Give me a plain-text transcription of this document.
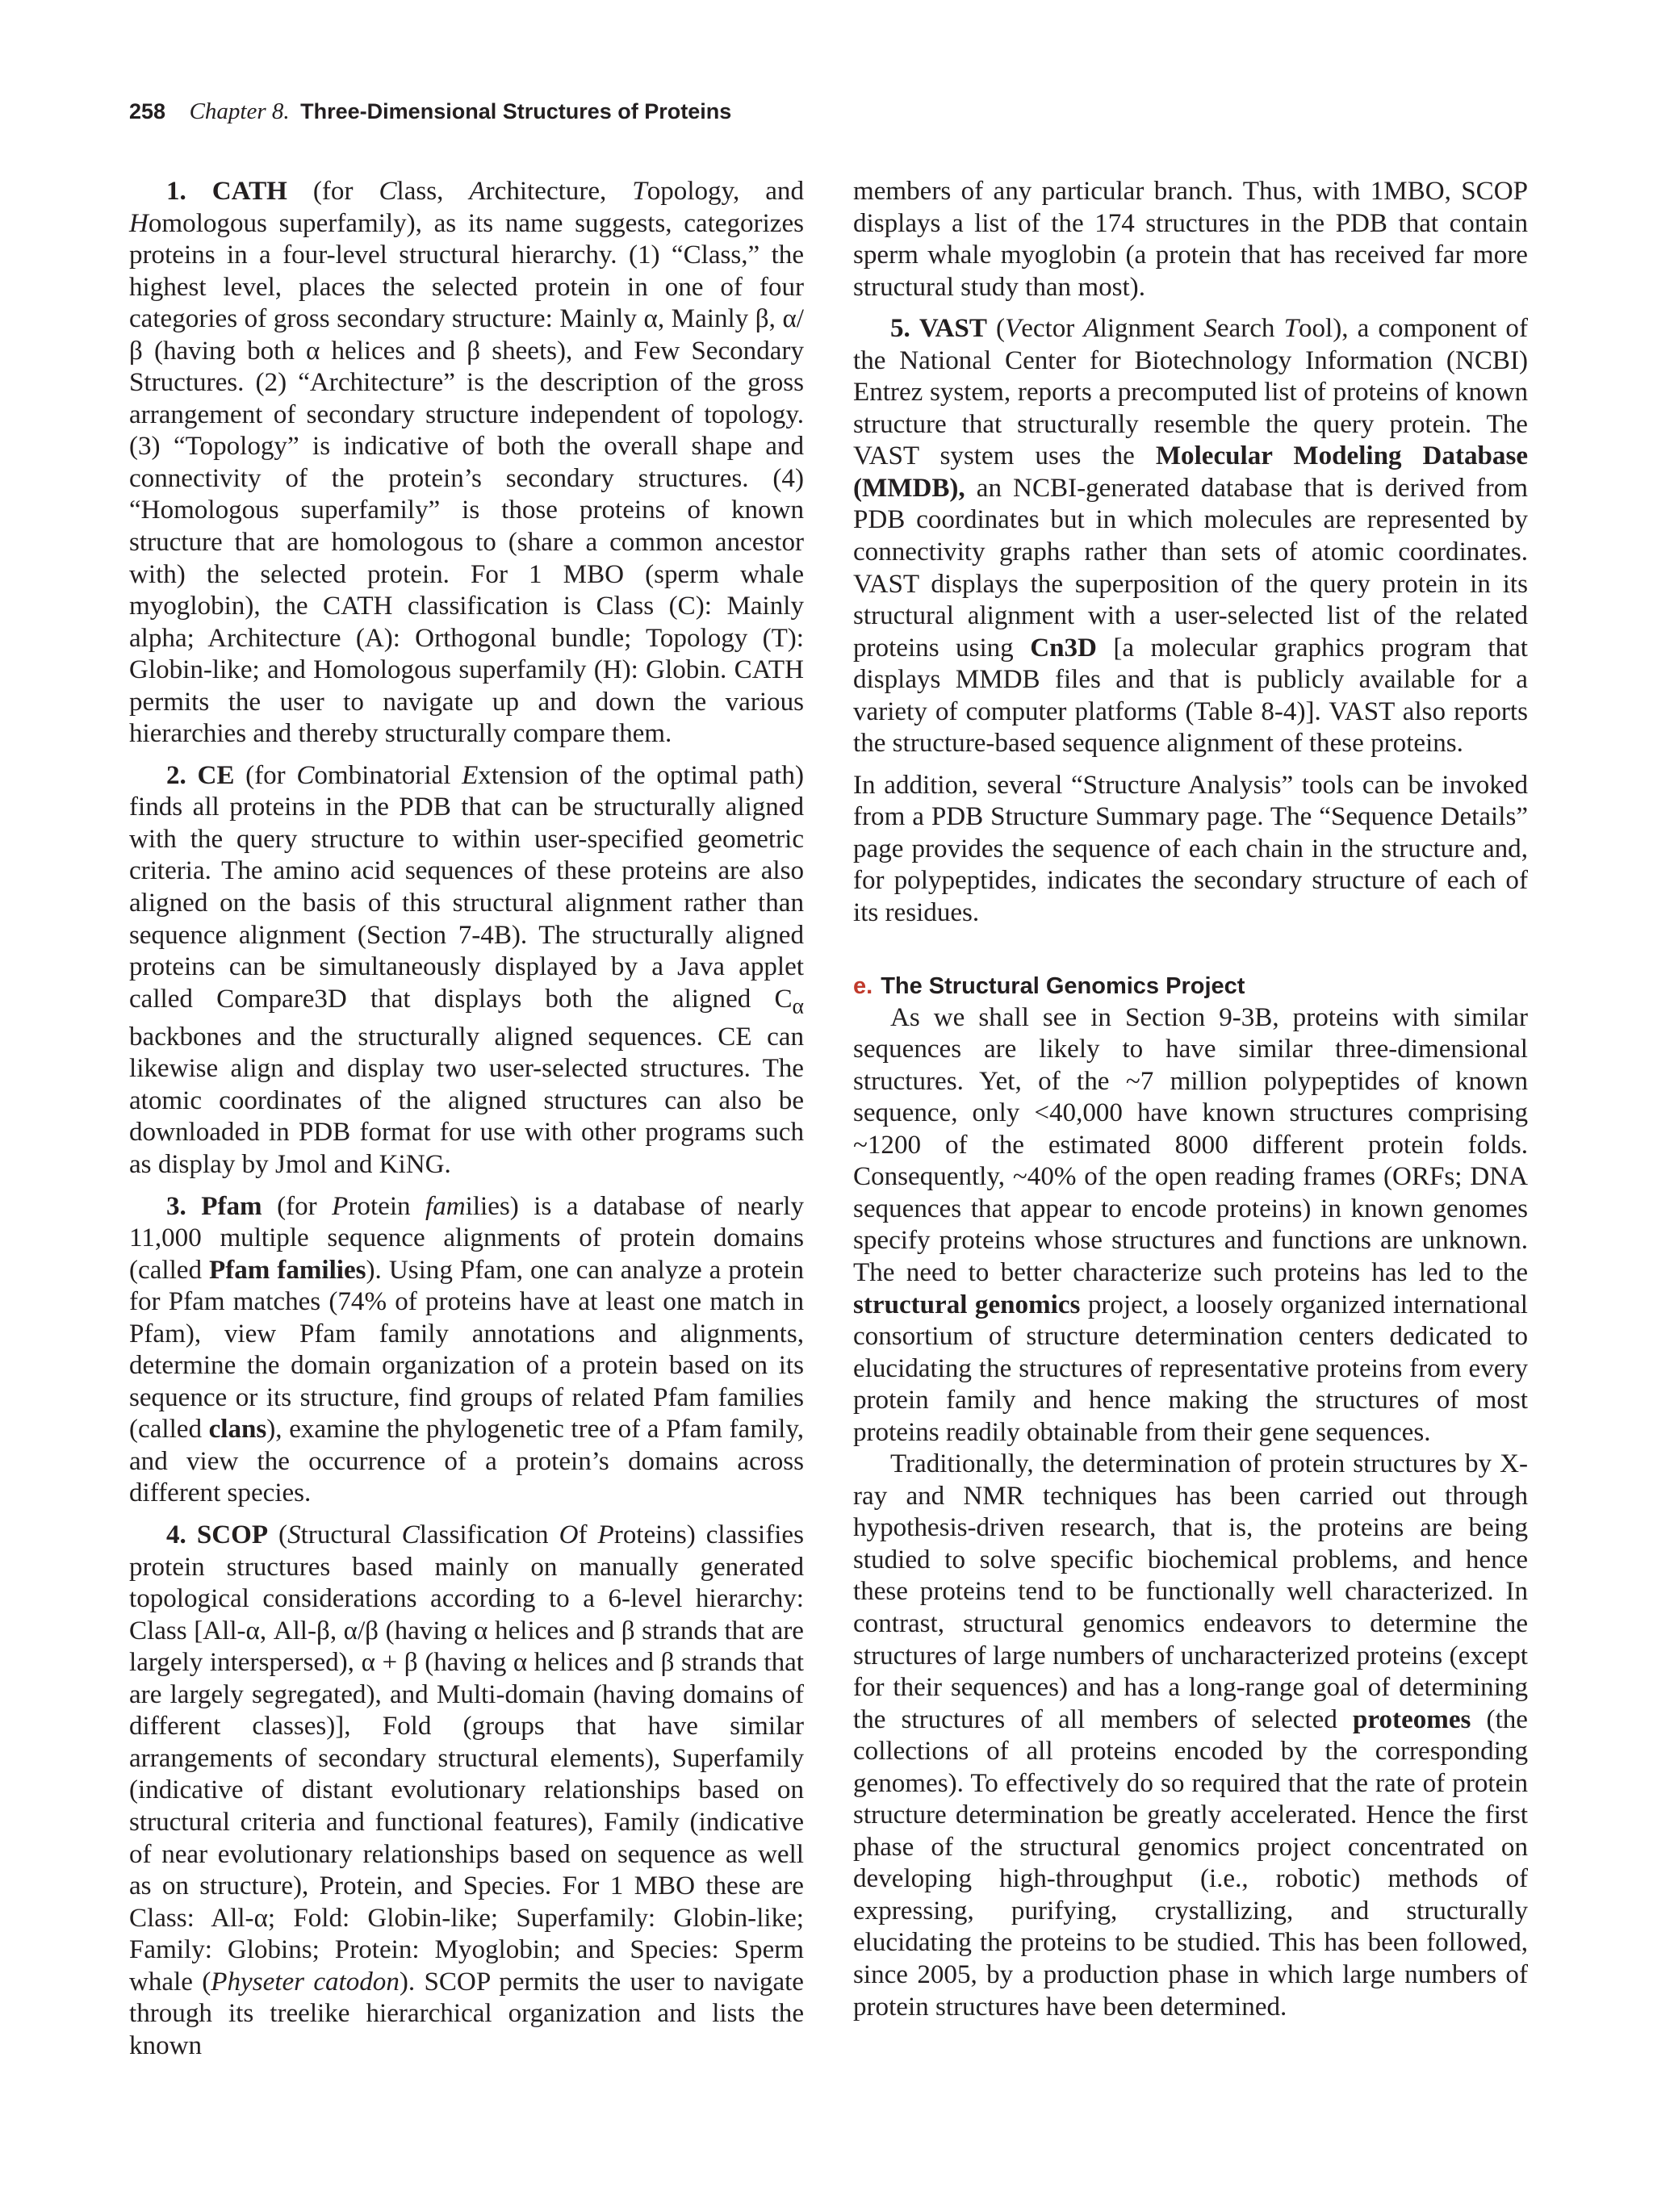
258 Chapter 8. Three-Dimensional Structures of Proteins

1. CATH (for Class, Architecture, Topology, and Homologous superfamily), as its name suggests, categorizes proteins in a four-level structural hierarchy. (1) “Class,” the highest level, places the selected protein in one of four categories of gross secondary structure: Mainly α, Mainly β, α/β (having both α helices and β sheets), and Few Secondary Structures. (2) “Architecture” is the description of the gross arrangement of secondary structure independent of topology. (3) “Topology” is indicative of both the overall shape and connectivity of the protein’s secondary structures. (4) “Homologous superfamily” is those proteins of known structure that are homologous to (share a common ancestor with) the selected protein. For 1 MBO (sperm whale myoglobin), the CATH classification is Class (C): Mainly alpha; Architecture (A): Orthogonal bundle; Topology (T): Globin-like; and Homologous superfamily (H): Globin. CATH permits the user to navigate up and down the various hierarchies and thereby structurally compare them.

2. CE (for Combinatorial Extension of the optimal path) finds all proteins in the PDB that can be structurally aligned with the query structure to within user-specified geometric criteria. The amino acid sequences of these proteins are also aligned on the basis of this structural alignment rather than sequence alignment (Section 7-4B). The structurally aligned proteins can be simultaneously displayed by a Java applet called Compare3D that displays both the aligned $C_\alpha$ backbones and the structurally aligned sequences. CE can likewise align and display two user-selected structures. The atomic coordinates of the aligned structures can also be downloaded in PDB format for use with other programs such as display by Jmol and KiNG.

3. Pfam (for Protein families) is a database of nearly 11,000 multiple sequence alignments of protein domains (called Pfam families). Using Pfam, one can analyze a protein for Pfam matches (74% of proteins have at least one match in Pfam), view Pfam family annotations and alignments, determine the domain organization of a protein based on its sequence or its structure, find groups of related Pfam families (called clans), examine the phylogenetic tree of a Pfam family, and view the occurrence of a protein’s domains across different species.

4. SCOP (Structural Classification Of Proteins) classifies protein structures based mainly on manually generated topological considerations according to a 6-level hierarchy: Class [All-α, All-β, α/β (having α helices and β strands that are largely interspersed), α + β (having α helices and β strands that are largely segregated), and Multi-domain (having domains of different classes)], Fold (groups that have similar arrangements of secondary structural elements), Superfamily (indicative of distant evolutionary relationships based on structural criteria and functional features), Family (indicative of near evolutionary relationships based on sequence as well as on structure), Protein, and Species. For 1 MBO these are Class: All-α; Fold: Globin-like; Superfamily: Globin-like; Family: Globins; Protein: Myoglobin; and Species: Sperm whale (Physeter catodon). SCOP permits the user to navigate through its treelike hierarchical organization and lists the known

members of any particular branch. Thus, with 1MBO, SCOP displays a list of the 174 structures in the PDB that contain sperm whale myoglobin (a protein that has received far more structural study than most).

5. VAST (Vector Alignment Search Tool), a component of the National Center for Biotechnology Information (NCBI) Entrez system, reports a precomputed list of proteins of known structure that structurally resemble the query protein. The VAST system uses the Molecular Modeling Database (MMDB), an NCBI-generated database that is derived from PDB coordinates but in which molecules are represented by connectivity graphs rather than sets of atomic coordinates. VAST displays the superposition of the query protein in its structural alignment with a user-selected list of the related proteins using Cn3D [a molecular graphics program that displays MMDB files and that is publicly available for a variety of computer platforms (Table 8-4)]. VAST also reports the structure-based sequence alignment of these proteins.

In addition, several “Structure Analysis” tools can be invoked from a PDB Structure Summary page. The “Sequence Details” page provides the sequence of each chain in the structure and, for polypeptides, indicates the secondary structure of each of its residues.

e. The Structural Genomics Project

As we shall see in Section 9-3B, proteins with similar sequences are likely to have similar three-dimensional structures. Yet, of the ~7 million polypeptides of known sequence, only <40,000 have known structures comprising ~1200 of the estimated 8000 different protein folds. Consequently, ~40% of the open reading frames (ORFs; DNA sequences that appear to encode proteins) in known genomes specify proteins whose structures and functions are unknown. The need to better characterize such proteins has led to the structural genomics project, a loosely organized international consortium of structure determination centers dedicated to elucidating the structures of representative proteins from every protein family and hence making the structures of most proteins readily obtainable from their gene sequences.

Traditionally, the determination of protein structures by X-ray and NMR techniques has been carried out through hypothesis-driven research, that is, the proteins are being studied to solve specific biochemical problems, and hence these proteins tend to be functionally well characterized. In contrast, structural genomics endeavors to determine the structures of large numbers of uncharacterized proteins (except for their sequences) and has a long-range goal of determining the structures of all members of selected proteomes (the collections of all proteins encoded by the corresponding genomes). To effectively do so required that the rate of protein structure determination be greatly accelerated. Hence the first phase of the structural genomics project concentrated on developing high-throughput (i.e., robotic) methods of expressing, purifying, crystallizing, and structurally elucidating the proteins to be studied. This has been followed, since 2005, by a production phase in which large numbers of protein structures have been determined.
